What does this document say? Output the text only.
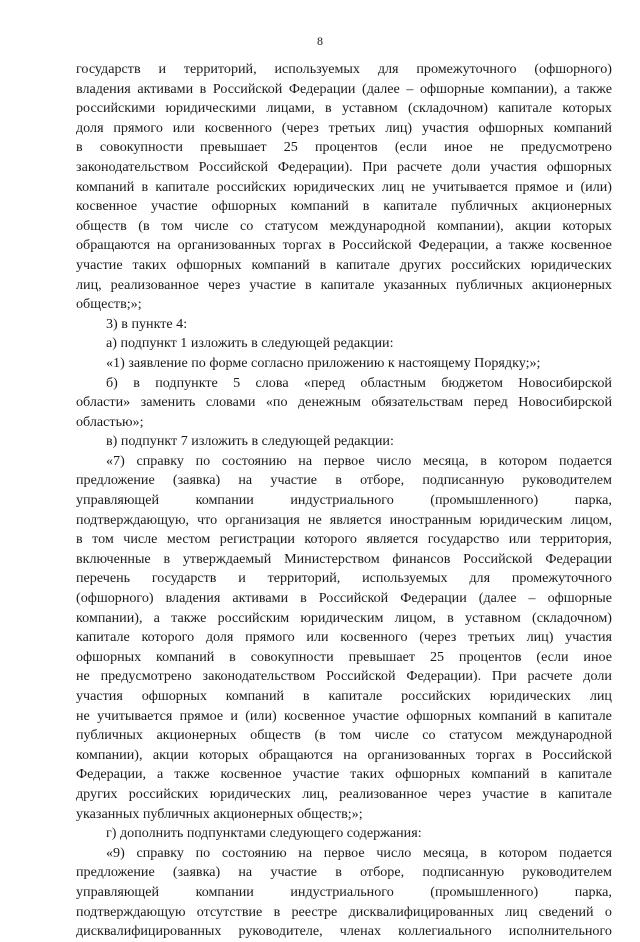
8
государств и территорий, используемых для промежуточного (офшорного)
владения активами в Российской Федерации (далее – офшорные компании), а также
российскими юридическими лицами, в уставном (складочном) капитале которых
доля прямого или косвенного (через третьих лиц) участия офшорных компаний
в совокупности превышает 25 процентов (если иное не предусмотрено
законодательством Российской Федерации). При расчете доли участия офшорных
компаний в капитале российских юридических лиц не учитывается прямое и (или)
косвенное участие офшорных компаний в капитале публичных акционерных
обществ (в том числе со статусом международной компании), акции которых
обращаются на организованных торгах в Российской Федерации, а также косвенное
участие таких офшорных компаний в капитале других российских юридических
лиц, реализованное через участие в капитале указанных публичных акционерных
обществ;»;
3) в пункте 4:
а) подпункт 1 изложить в следующей редакции:
«1) заявление по форме согласно приложению к настоящему Порядку;»;
б) в подпункте 5 слова «перед областным бюджетом Новосибирской
области» заменить словами «по денежным обязательствам перед Новосибирской
областью»;
в) подпункт 7 изложить в следующей редакции:
«7) справку по состоянию на первое число месяца, в котором подается
предложение (заявка) на участие в отборе, подписанную руководителем
управляющей	компании	индустриального	(промышленного)	парка,
подтверждающую, что организация не является иностранным юридическим лицом,
в том числе местом регистрации которого является государство или территория,
включенные в утверждаемый Министерством финансов Российской Федерации
перечень государств и территорий, используемых для промежуточного
(офшорного) владения активами в Российской Федерации (далее – офшорные
компании), а также российским юридическим лицом, в уставном (складочном)
капитале которого доля прямого или косвенного (через третьих лиц) участия
офшорных компаний в совокупности превышает 25 процентов (если иное
не предусмотрено законодательством Российской Федерации). При расчете доли
участия офшорных компаний в капитале российских юридических лиц
не учитывается прямое и (или) косвенное участие офшорных компаний в капитале
публичных акционерных обществ (в том числе со статусом международной
компании), акции которых обращаются на организованных торгах в Российской
Федерации, а также косвенное участие таких офшорных компаний в капитале
других российских юридических лиц, реализованное через участие в капитале
указанных публичных акционерных обществ;»;
г) дополнить подпунктами следующего содержания:
«9) справку по состоянию на первое число месяца, в котором подается
предложение (заявка) на участие в отборе, подписанную руководителем
управляющей	компании	индустриального	(промышленного)	парка,
подтверждающую отсутствие в реестре дисквалифицированных лиц сведений о
дисквалифицированных руководителе, членах коллегиального исполнительного
